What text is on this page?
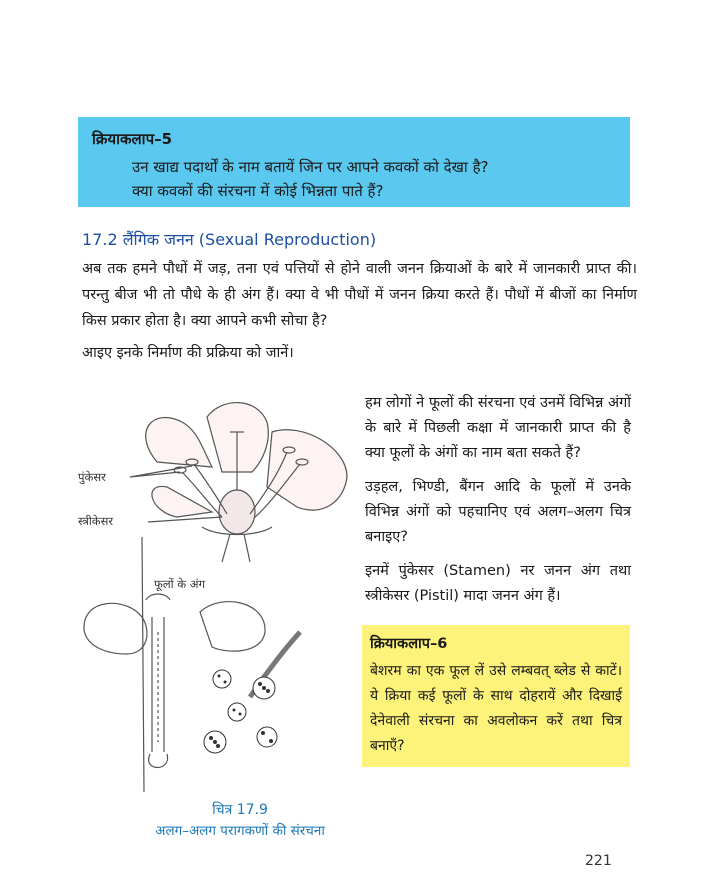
क्रियाकलाप–5

उन खाद्य पदार्थों के नाम बतायें जिन पर आपने कवकों को देखा है?

क्या कवकों की संरचना में कोई भिन्नता पाते हैं?

17.2 लैंगिक जनन (Sexual Reproduction)

अब तक हमने पौधों में जड़, तना एवं पत्तियों से होने वाली जनन क्रियाओं के बारे में जानकारी प्राप्त की। परन्तु बीज भी तो पौधे के ही अंग हैं। क्या वे भी पौधों में जनन क्रिया करते हैं। पौधों में बीजों का निर्माण किस प्रकार होता है। क्या आपने कभी सोचा है?

आइए इनके निर्माण की प्रक्रिया को जानें।

पुंकेसर
स्त्रीकेसर
फूलों के अंग

हम लोगों ने फूलों की संरचना एवं उनमें विभिन्न अंगों के बारे में पिछली कक्षा में जानकारी प्राप्त की है क्या फूलों के अंगों का नाम बता सकते हैं?

उड़हल, भिण्डी, बैंगन आदि के फूलों में उनके विभिन्न अंगों को पहचानिए एवं अलग–अलग चित्र बनाइए?

इनमें पुंकेसर (Stamen) नर जनन अंग तथा स्त्रीकेसर (Pistil) मादा जनन अंग हैं।

क्रियाकलाप–6

बेशरम का एक फूल लें उसे लम्बवत् ब्लेड से काटें। ये क्रिया कई फूलों के साथ दोहरायें और दिखाई देनेवाली संरचना का अवलोकन करें तथा चित्र बनाएँ?

चित्र 17.9
अलग–अलग परागकणों की संरचना
221
